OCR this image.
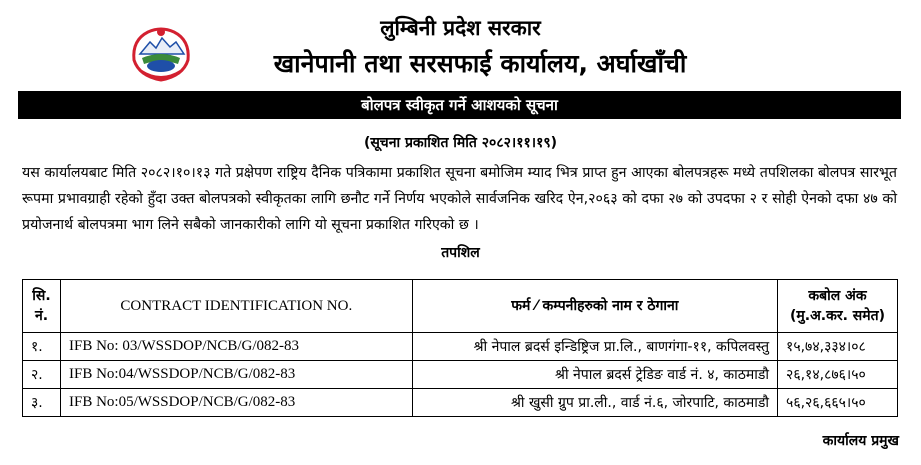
लुम्बिनी प्रदेश सरकार
खानेपानी तथा सरसफाई कार्यालय, अर्घाखाँची
बोलपत्र स्वीकृत गर्ने आशयको सूचना
(सूचना प्रकाशित मिति २०८२।११।१९)
यस कार्यालयबाट मिति २०८२।१०।१३ गते प्रक्षेपण राष्ट्रिय दैनिक पत्रिकामा प्रकाशित सूचना बमोजिम म्याद भित्र प्राप्त हुन आएका बोलपत्रहरू मध्ये तपशिलका बोलपत्र सारभूत रूपमा प्रभावग्राही रहेको हुँदा उक्त बोलपत्रको स्वीकृतका लागि छनौट गर्ने निर्णय भएकोले सार्वजनिक खरिद ऐन,२०६३ को दफा २७ को उपदफा २ र सोही ऐनको दफा ४७ को प्रयोजनार्थ बोलपत्रमा भाग लिने सबैको जानकारीको लागि यो सूचना प्रकाशित गरिएको छ ।
तपशिल
सि. नं.	CONTRACT IDENTIFICATION NO.	फर्म ⁄ कम्पनीहरुको नाम र ठेगाना	कबोल अंक
(मु.अ.कर. समेत)

१.	IFB No: 03/WSSDOP/NCB/G/082-83	श्री नेपाल ब्रदर्स इन्डिष्ट्रिज प्रा.लि., बाणगंगा-११, कपिलवस्तु	१५,७४,३३४।०८
२.	IFB No:04/WSSDOP/NCB/G/082-83	श्री नेपाल ब्रदर्स ट्रेडिङ वार्ड नं. ४, काठमाडौ	२६,१४,८७६।५०
३.	IFB No:05/WSSDOP/NCB/G/082-83	श्री खुसी ग्रुप प्रा.ली., वार्ड नं.६, जोरपाटि, काठमाडौ	५६,२६,६६५।५०
कार्यालय प्रमुख
